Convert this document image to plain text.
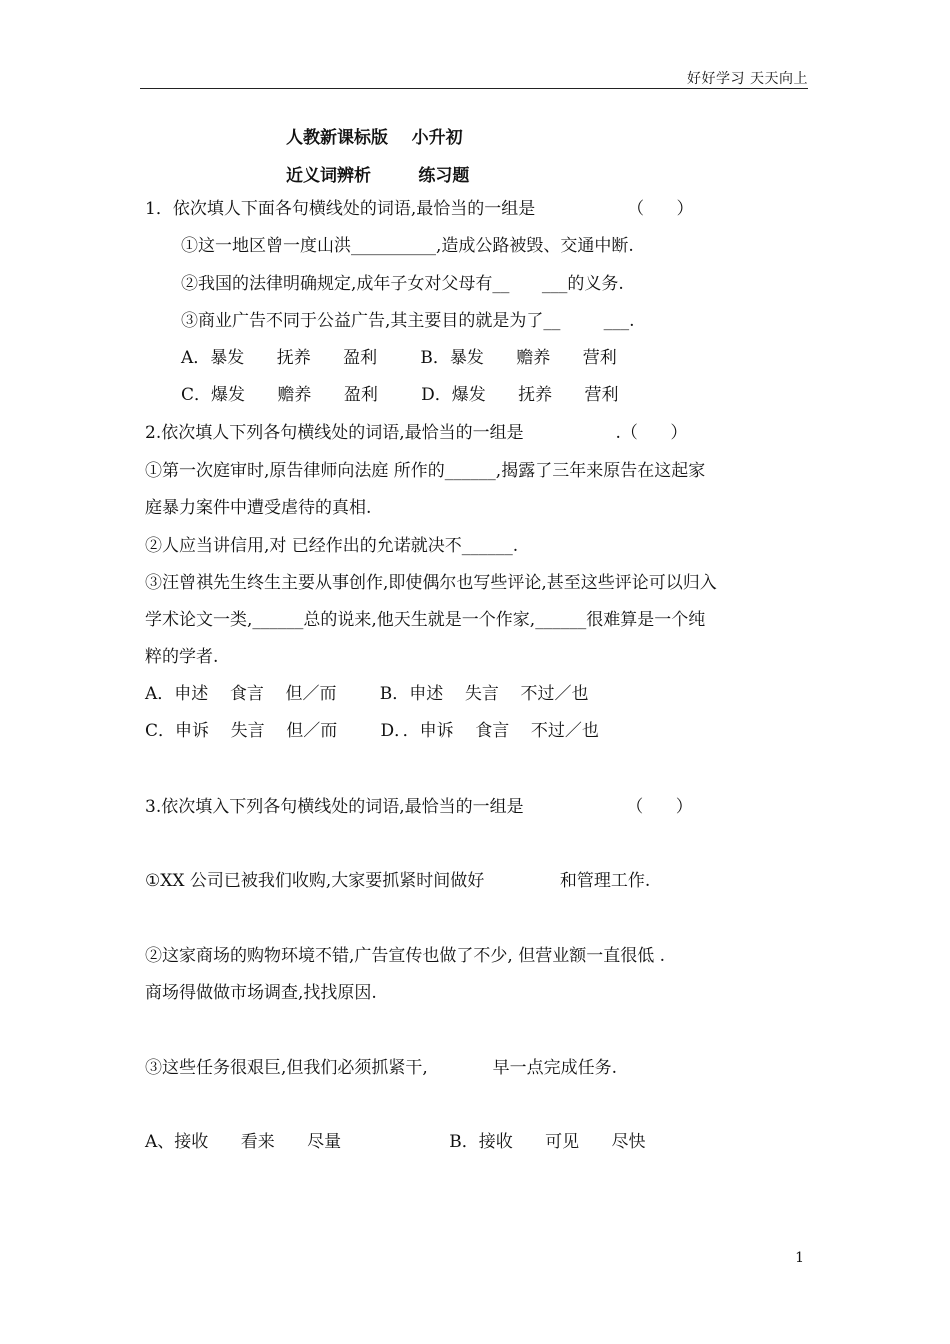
好好学习 天天向上
人教新课标版    小升初
近义词辨析        练习题
1．依次填人下面各句横线处的词语,最恰当的一组是                 （      ）
①这一地区曾一度山洪__________,造成公路被毁、交通中断.
②我国的法律明确规定,成年子女对父母有__      ___的义务.
③商业广告不同于公益广告,其主要目的就是为了__        ___.
A．暴发      抚养      盈利        B．暴发      赡养      营利
C．爆发      赡养      盈利        D．爆发      抚养      营利
2.依次填人下列各句横线处的词语,最恰当的一组是                 .（      ）
①第一次庭审时,原告律师向法庭 所作的______,揭露了三年来原告在这起家
庭暴力案件中遭受虐待的真相.
②人应当讲信用,对 已经作出的允诺就决不______.
③汪曾祺先生终生主要从事创作,即使偶尔也写些评论,甚至这些评论可以归入
学术论文一类,______总的说来,他天生就是一个作家,______很难算是一个纯
粹的学者.
A．申述    食言    但／而        B．申述    失言    不过／也
C．申诉    失言    但／而        D．．申诉    食言    不过／也
3.依次填入下列各句横线处的词语,最恰当的一组是                   （      ）
①XX 公司已被我们收购,大家要抓紧时间做好              和管理工作.
②这家商场的购物环境不错,广告宣传也做了不少, 但营业额一直很低 .
商场得做做市场调查,找找原因.
③这些任务很艰巨,但我们必须抓紧干,            早一点完成任务.
A、接收      看来      尽量                    B．接收      可见      尽快
1
